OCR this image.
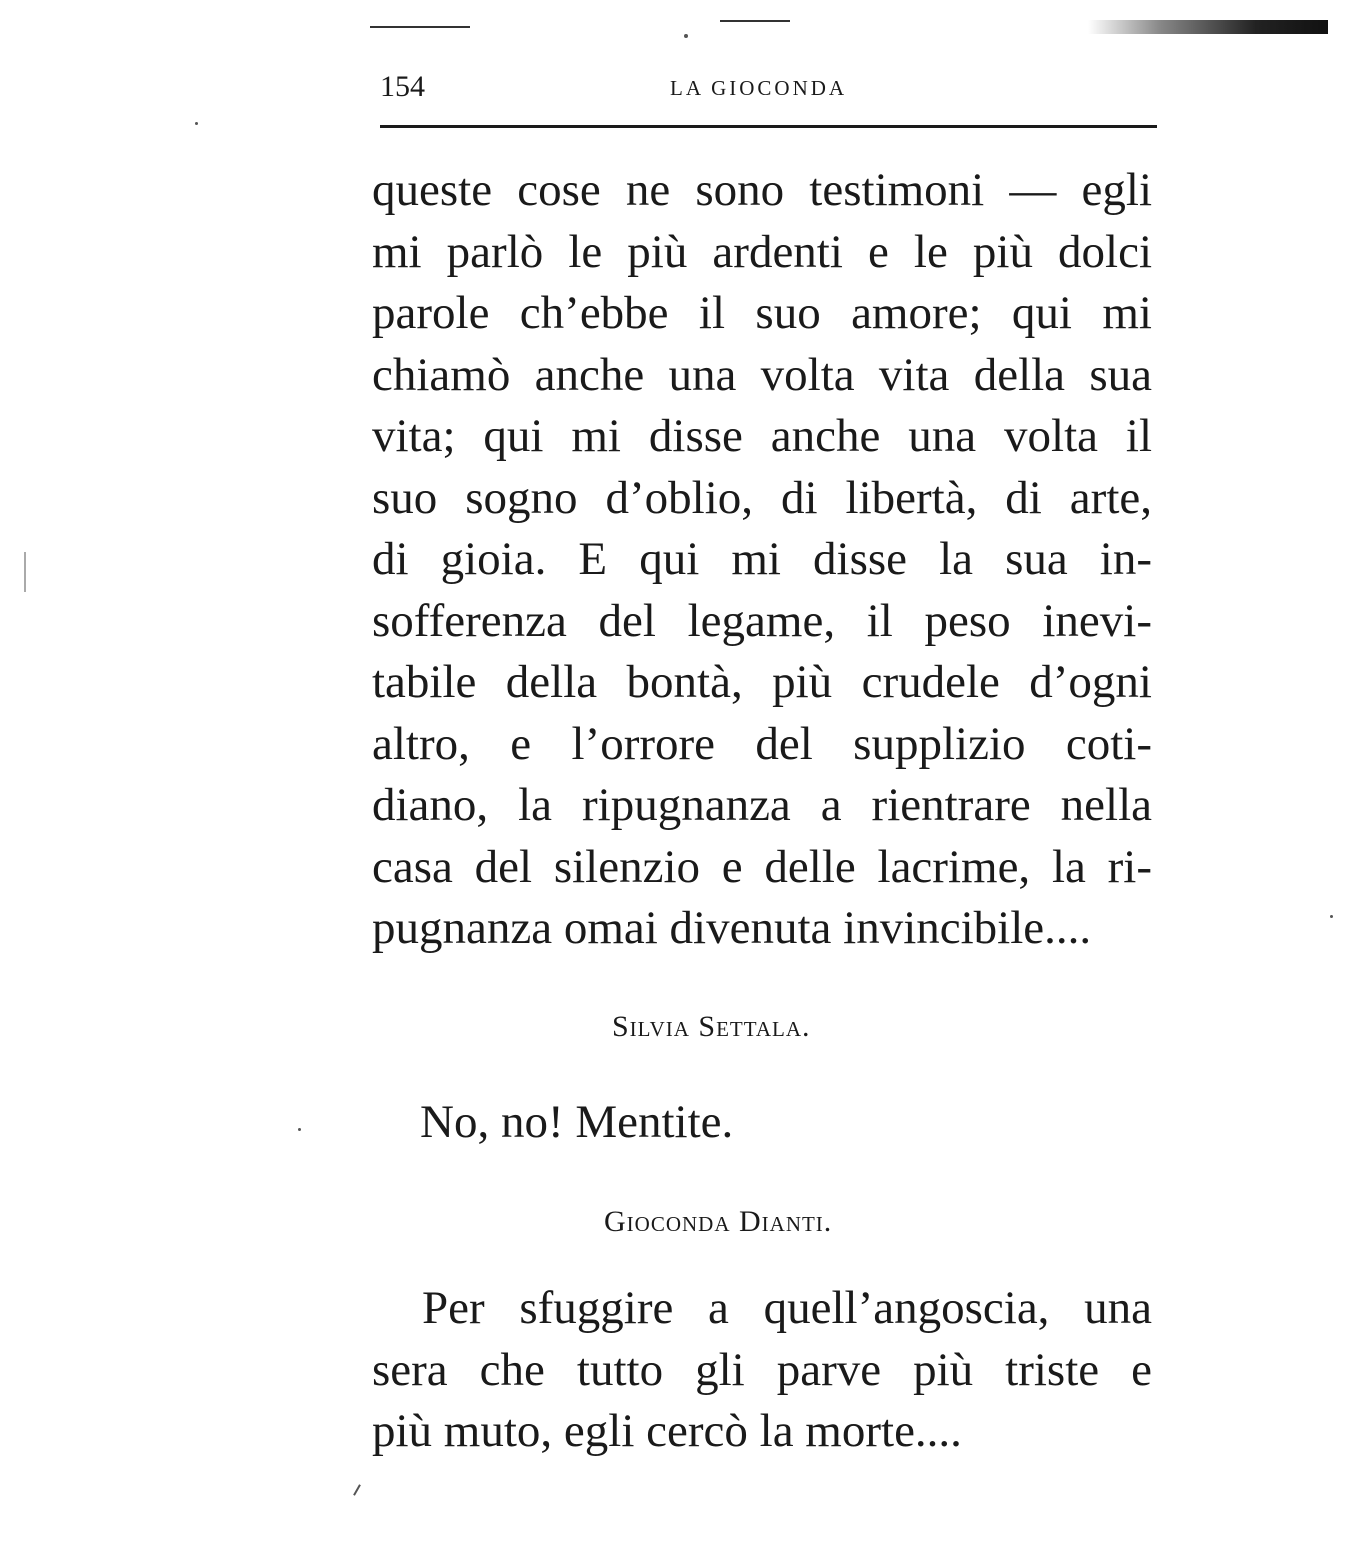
154	LA GIOCONDA
queste cose ne sono testimoni — egli
mi parlò le più ardenti e le più dolci
parole ch’ebbe il suo amore; qui mi
chiamò anche una volta vita della sua
vita; qui mi disse anche una volta il
suo sogno d’oblio, di libertà, di arte,
di gioia. E qui mi disse la sua in-
sofferenza del legame, il peso inevi-
tabile della bontà, più crudele d’ogni
altro, e l’orrore del supplizio coti-
diano, la ripugnanza a rientrare nella
casa del silenzio e delle lacrime, la ri-
pugnanza omai divenuta invincibile....
Silvia Settala.
No, no! Mentite.
Gioconda Dianti.
Per sfuggire a quell’angoscia, una
sera che tutto gli parve più triste e
più muto, egli cercò la morte....
